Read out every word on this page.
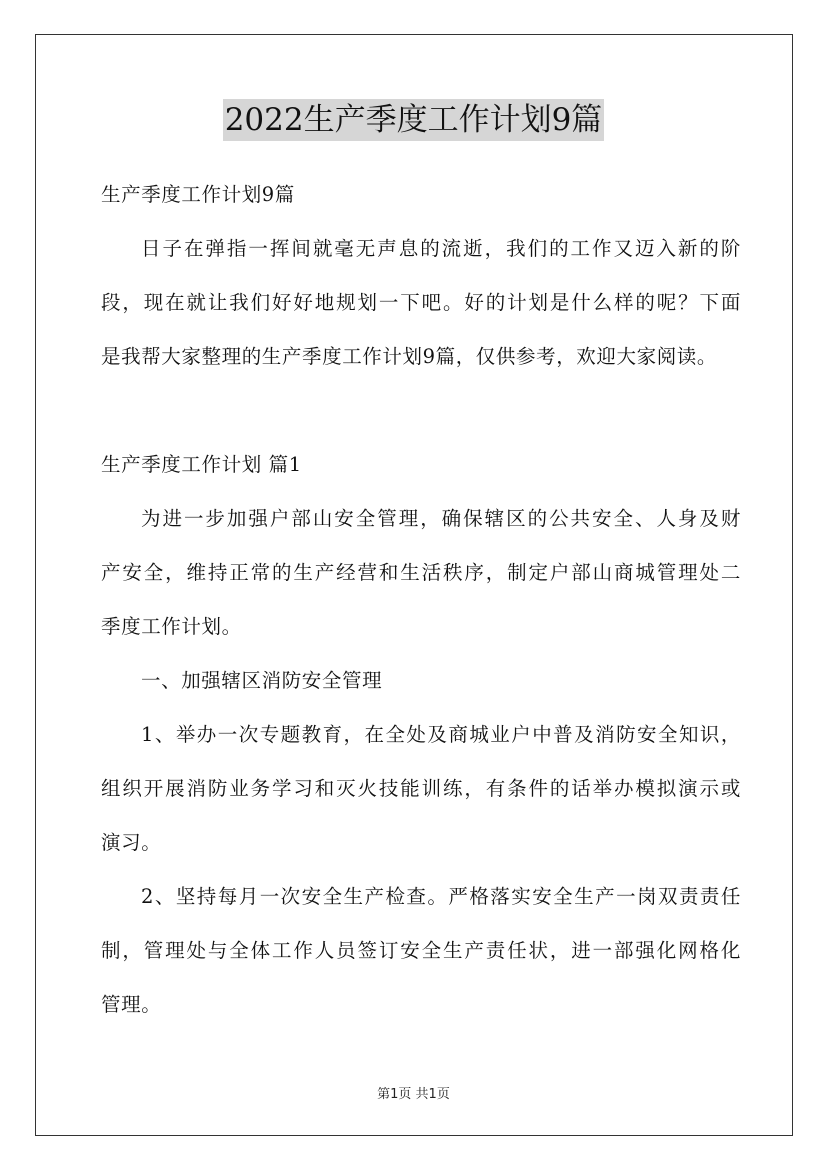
2022生产季度工作计划9篇
生产季度工作计划9篇
日子在弹指一挥间就毫无声息的流逝，我们的工作又迈入新的阶
段，现在就让我们好好地规划一下吧。好的计划是什么样的呢？下面
是我帮大家整理的生产季度工作计划9篇，仅供参考，欢迎大家阅读。
生产季度工作计划 篇1
为进一步加强户部山安全管理，确保辖区的公共安全、人身及财
产安全，维持正常的生产经营和生活秩序，制定户部山商城管理处二
季度工作计划。
一、加强辖区消防安全管理
1、举办一次专题教育，在全处及商城业户中普及消防安全知识，
组织开展消防业务学习和灭火技能训练，有条件的话举办模拟演示或
演习。
2、坚持每月一次安全生产检查。严格落实安全生产一岗双责责任
制，管理处与全体工作人员签订安全生产责任状，进一部强化网格化
管理。
第1页 共1页
